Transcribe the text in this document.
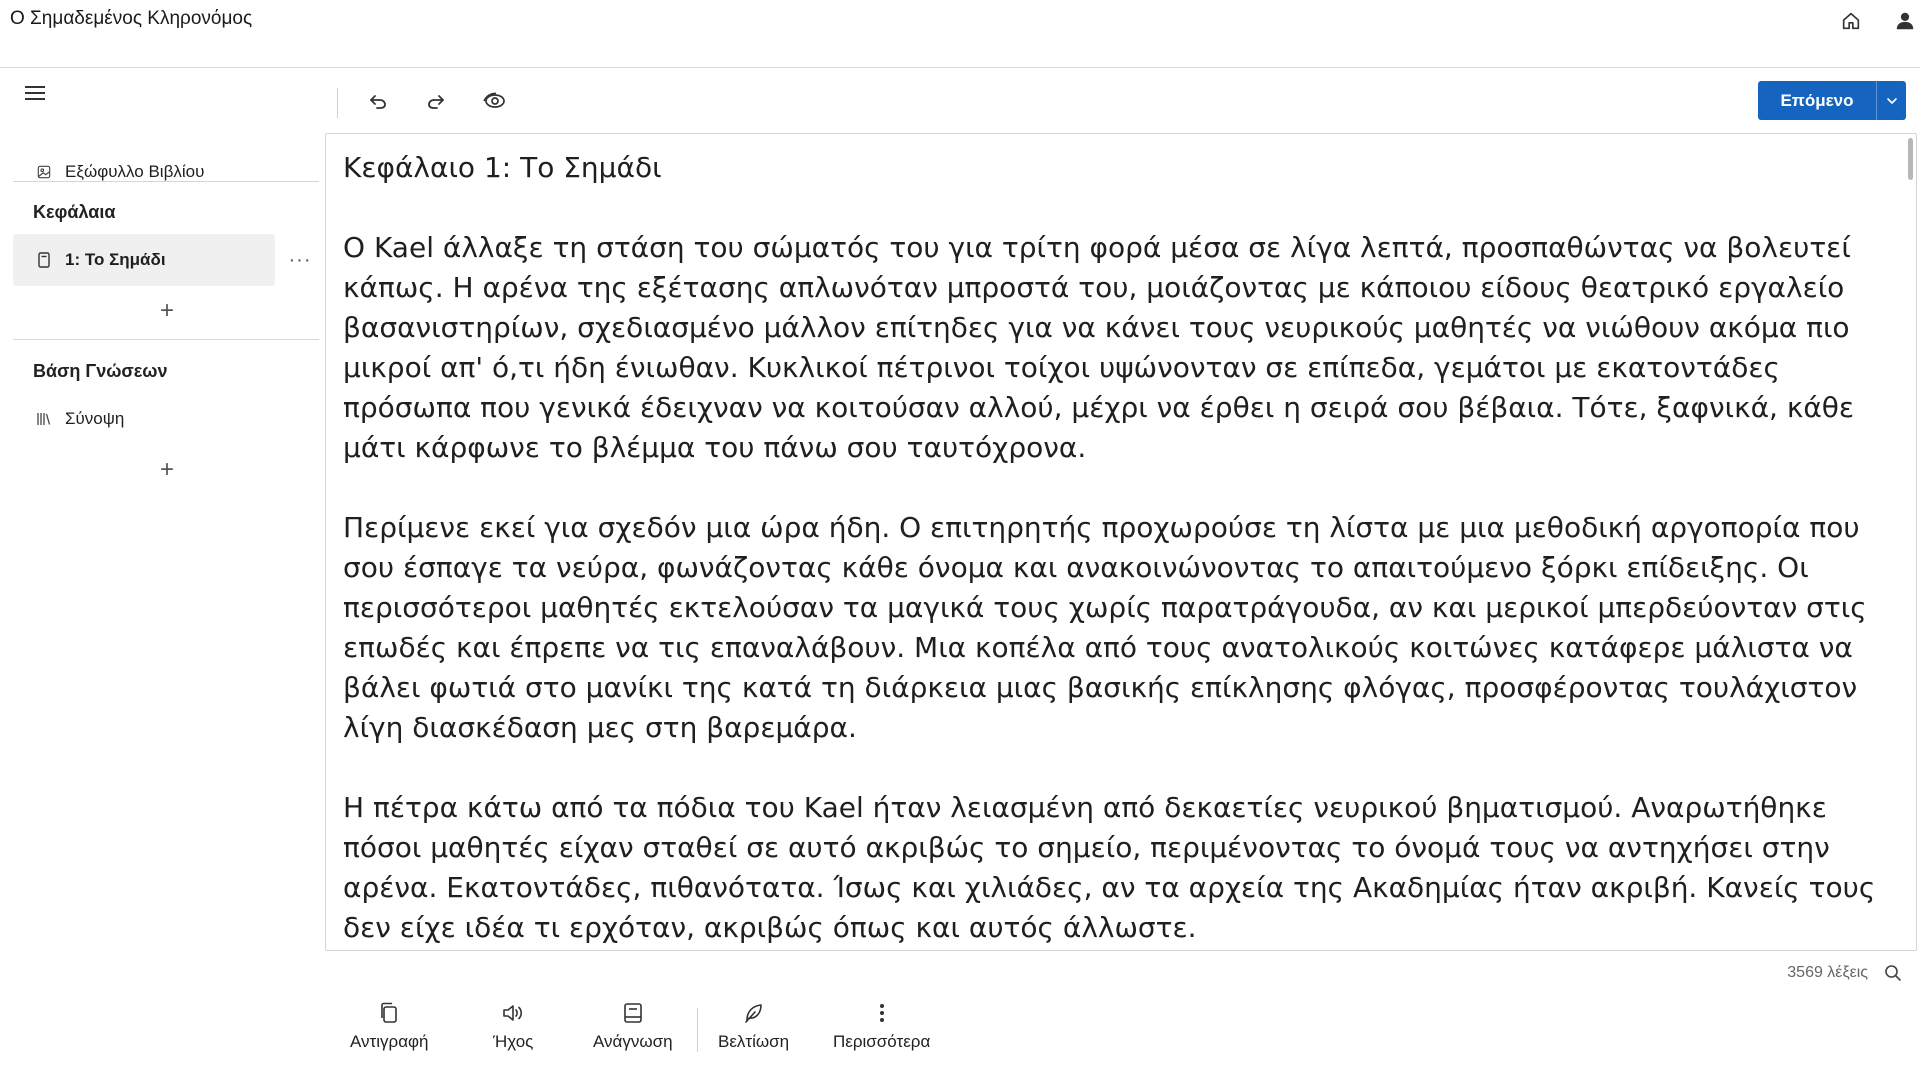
Ο Σημαδεμένος Κληρονόμος
Εξώφυλλο Βιβλίου
Κεφάλαια
1: Το Σημάδι	···
+
Βάση Γνώσεων
Σύνοψη
+
Επόμενο

Κεφάλαιο 1: Το Σημάδι

Ο Kael άλλαξε τη στάση του σώματός του για τρίτη φορά μέσα σε λίγα λεπτά, προσπαθώντας να βολευτεί κάπως. Η αρένα της εξέτασης απλωνόταν μπροστά του, μοιάζοντας με κάποιου είδους θεατρικό εργαλείο βασανιστηρίων, σχεδιασμένο μάλλον επίτηδες για να κάνει τους νευρικούς μαθητές να νιώθουν ακόμα πιο μικροί απ' ό,τι ήδη ένιωθαν. Κυκλικοί πέτρινοι τοίχοι υψώνονταν σε επίπεδα, γεμάτοι με εκατοντάδες πρόσωπα που γενικά έδειχναν να κοιτούσαν αλλού, μέχρι να έρθει η σειρά σου βέβαια. Τότε, ξαφνικά, κάθε μάτι κάρφωνε το βλέμμα του πάνω σου ταυτόχρονα.

Περίμενε εκεί για σχεδόν μια ώρα ήδη. Ο επιτηρητής προχωρούσε τη λίστα με μια μεθοδική αργοπορία που σου έσπαγε τα νεύρα, φωνάζοντας κάθε όνομα και ανακοινώνοντας το απαιτούμενο ξόρκι επίδειξης. Οι περισσότεροι μαθητές εκτελούσαν τα μαγικά τους χωρίς παρατράγουδα, αν και μερικοί μπερδεύονταν στις επωδές και έπρεπε να τις επαναλάβουν. Μια κοπέλα από τους ανατολικούς κοιτώνες κατάφερε μάλιστα να βάλει φωτιά στο μανίκι της κατά τη διάρκεια μιας βασικής επίκλησης φλόγας, προσφέροντας τουλάχιστον λίγη διασκέδαση μες στη βαρεμάρα.

Η πέτρα κάτω από τα πόδια του Kael ήταν λειασμένη από δεκαετίες νευρικού βηματισμού. Αναρωτήθηκε πόσοι μαθητές είχαν σταθεί σε αυτό ακριβώς το σημείο, περιμένοντας το όνομά τους να αντηχήσει στην αρένα. Εκατοντάδες, πιθανότατα. Ίσως και χιλιάδες, αν τα αρχεία της Ακαδημίας ήταν ακριβή. Κανείς τους δεν είχε ιδέα τι ερχόταν, ακριβώς όπως και αυτός άλλωστε.

3569 λέξεις
Αντιγραφή	Ήχος	Ανάγνωση	Βελτίωση	Περισσότερα
